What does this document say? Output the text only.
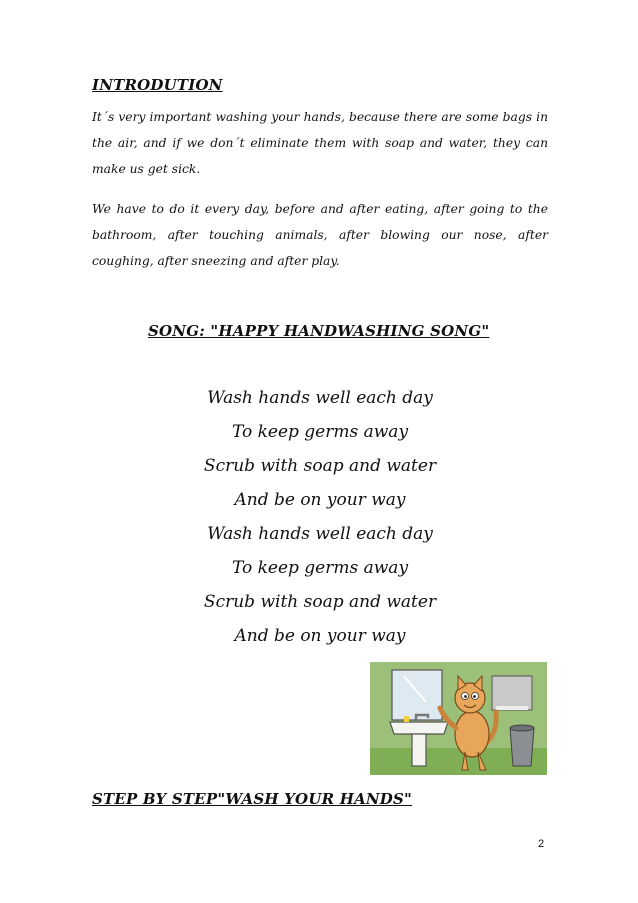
INTRODUTION

It´s very important washing your hands, because there are some bags in the air, and if we don´t eliminate them with soap and water, they can make us get sick.

We have to do it every day, before and after eating, after going to the bathroom, after touching animals, after blowing our nose, after coughing, after sneezing and after play.

SONG: "HAPPY HANDWASHING SONG"
Wash hands well each day
To keep germs away
Scrub with soap and water
And be on your way
Wash hands well each day
To keep germs away
Scrub with soap and water
And be on your way
STEP BY STEP"WASH YOUR HANDS"
2
